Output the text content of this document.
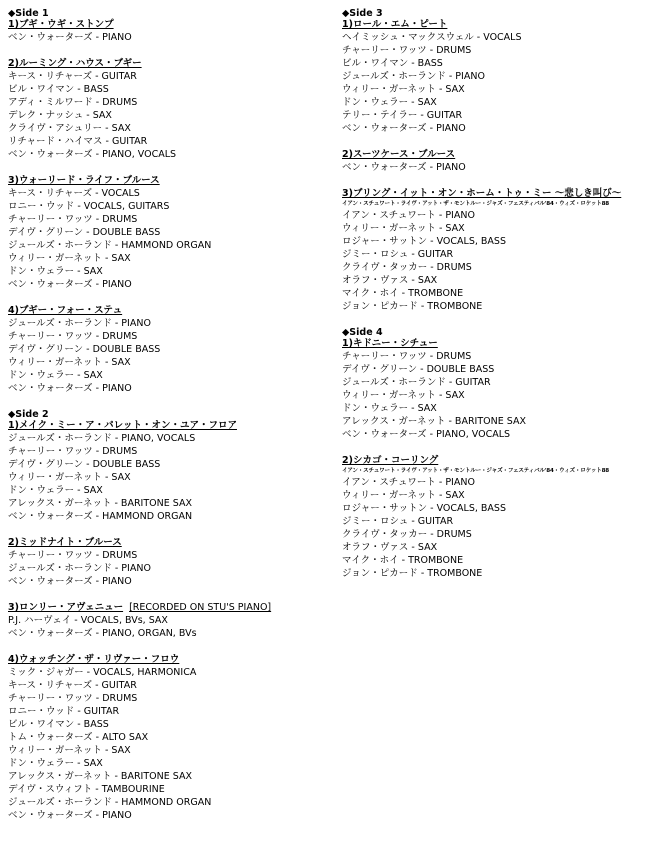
◆Side 1
1)ブギ・ウギ・ストンプ
ベン・ウォーターズ - PIANO
2)ルーミング・ハウス・ブギー
キース・リチャーズ - GUITAR
ビル・ワイマン - BASS
アディ・ミルワード - DRUMS
デレク・ナッシュ - SAX
クライヴ・アシュリー - SAX
リチャード・ハイマス - GUITAR
ベン・ウォーターズ - PIANO, VOCALS
3)ウォーリード・ライフ・ブルース
キース・リチャーズ - VOCALS
ロニー・ウッド - VOCALS, GUITARS
チャーリー・ワッツ - DRUMS
デイヴ・グリーン - DOUBLE BASS
ジュールズ・ホーランド - HAMMOND ORGAN
ウィリー・ガーネット - SAX
ドン・ウェラー - SAX
ベン・ウォーターズ - PIANO
4)ブギー・フォー・ステュ
ジュールズ・ホーランド - PIANO
チャーリー・ワッツ - DRUMS
デイヴ・グリーン - DOUBLE BASS
ウィリー・ガーネット - SAX
ドン・ウェラー - SAX
ベン・ウォーターズ - PIANO
◆Side 2
1)メイク・ミー・ア・パレット・オン・ユア・フロア
ジュールズ・ホーランド - PIANO, VOCALS
チャーリー・ワッツ - DRUMS
デイヴ・グリーン - DOUBLE BASS
ウィリー・ガーネット - SAX
ドン・ウェラー - SAX
アレックス・ガーネット - BARITONE SAX
ベン・ウォーターズ - HAMMOND ORGAN
2)ミッドナイト・ブルース
チャーリー・ワッツ - DRUMS
ジュールズ・ホーランド - PIANO
ベン・ウォーターズ - PIANO
3)ロンリー・アヴェニュー [RECORDED ON STU'S PIANO]
P.J. ハーヴェイ - VOCALS, BVs, SAX
ベン・ウォーターズ - PIANO, ORGAN, BVs
4)ウォッチング・ザ・リヴァー・フロウ
ミック・ジャガー - VOCALS, HARMONICA
キース・リチャーズ - GUITAR
チャーリー・ワッツ - DRUMS
ロニー・ウッド - GUITAR
ビル・ワイマン - BASS
トム・ウォーターズ - ALTO SAX
ウィリー・ガーネット - SAX
ドン・ウェラー - SAX
アレックス・ガーネット - BARITONE SAX
デイヴ・スウィフト - TAMBOURINE
ジュールズ・ホーランド - HAMMOND ORGAN
ベン・ウォーターズ - PIANO
◆Side 3
1)ロール・エム・ピート
ヘイミッシュ・マックスウェル - VOCALS
チャーリー・ワッツ - DRUMS
ビル・ワイマン - BASS
ジュールズ・ホーランド - PIANO
ウィリー・ガーネット - SAX
ドン・ウェラー - SAX
テリー・テイラー - GUITAR
ベン・ウォーターズ - PIANO
2)スーツケース・ブルース
ベン・ウォーターズ - PIANO
3)ブリング・イット・オン・ホーム・トゥ・ミー 〜悲しき叫び〜
イアン・スチュワート・ライヴ・アット・ザ・モントルー・ジャズ・フェスティバル'84・ウィズ・ロケット88
イアン・スチュワート - PIANO
ウィリー・ガーネット - SAX
ロジャー・サットン - VOCALS, BASS
ジミー・ロシュ - GUITAR
クライヴ・タッカー - DRUMS
オラフ・ヴァス - SAX
マイク・ホイ - TROMBONE
ジョン・ピカード - TROMBONE
◆Side 4
1)キドニー・シチュー
チャーリー・ワッツ - DRUMS
デイヴ・グリーン - DOUBLE BASS
ジュールズ・ホーランド - GUITAR
ウィリー・ガーネット - SAX
ドン・ウェラー - SAX
アレックス・ガーネット - BARITONE SAX
ベン・ウォーターズ - PIANO, VOCALS
2)シカゴ・コーリング
イアン・スチュワート・ライヴ・アット・ザ・モントルー・ジャズ・フェスティバル'84・ウィズ・ロケット88
イアン・スチュワート - PIANO
ウィリー・ガーネット - SAX
ロジャー・サットン - VOCALS, BASS
ジミー・ロシュ - GUITAR
クライヴ・タッカー - DRUMS
オラフ・ヴァス - SAX
マイク・ホイ - TROMBONE
ジョン・ピカード - TROMBONE
